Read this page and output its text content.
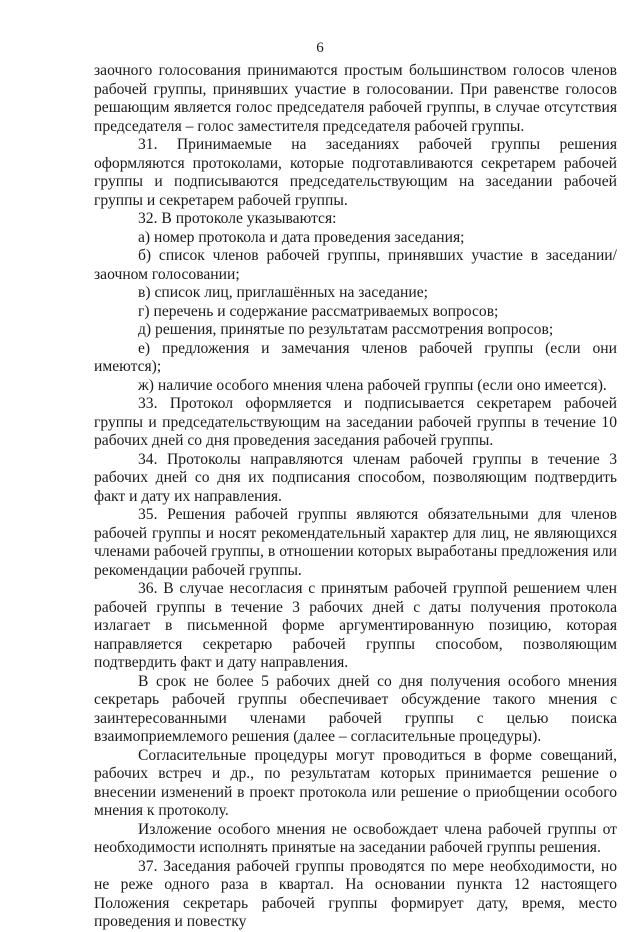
6

заочного голосования принимаются простым большинством голосов членов рабочей группы, принявших участие в голосовании. При равенстве голосов решающим является голос председателя рабочей группы, в случае отсутствия председателя – голос заместителя председателя рабочей группы.

31. Принимаемые на заседаниях рабочей группы решения оформляются протоколами, которые подготавливаются секретарем рабочей группы и подписываются председательствующим на заседании рабочей группы и секретарем рабочей группы.

32. В протоколе указываются:

а) номер протокола и дата проведения заседания;

б) список членов рабочей группы, принявших участие в заседании/заочном голосовании;

в) список лиц, приглашённых на заседание;

г) перечень и содержание рассматриваемых вопросов;

д) решения, принятые по результатам рассмотрения вопросов;

е) предложения и замечания членов рабочей группы (если они имеются);

ж) наличие особого мнения члена рабочей группы (если оно имеется).

33. Протокол оформляется и подписывается секретарем рабочей группы и председательствующим на заседании рабочей группы в течение 10 рабочих дней со дня проведения заседания рабочей группы.

34. Протоколы направляются членам рабочей группы в течение 3 рабочих дней со дня их подписания способом, позволяющим подтвердить факт и дату их направления.

35. Решения рабочей группы являются обязательными для членов рабочей группы и носят рекомендательный характер для лиц, не являющихся членами рабочей группы, в отношении которых выработаны предложения или рекомендации рабочей группы.

36. В случае несогласия с принятым рабочей группой решением член рабочей группы в течение 3 рабочих дней с даты получения протокола излагает в письменной форме аргументированную позицию, которая направляется секретарю рабочей группы способом, позволяющим подтвердить факт и дату направления.

В срок не более 5 рабочих дней со дня получения особого мнения секретарь рабочей группы обеспечивает обсуждение такого мнения с заинтересованными членами рабочей группы с целью поиска взаимоприемлемого решения (далее – согласительные процедуры).

Согласительные процедуры могут проводиться в форме совещаний, рабочих встреч и др., по результатам которых принимается решение о внесении изменений в проект протокола или решение о приобщении особого мнения к протоколу.

Изложение особого мнения не освобождает члена рабочей группы от необходимости исполнять принятые на заседании рабочей группы решения.

37. Заседания рабочей группы проводятся по мере необходимости, но не реже одного раза в квартал. На основании пункта 12 настоящего Положения секретарь рабочей группы формирует дату, время, место проведения и повестку
